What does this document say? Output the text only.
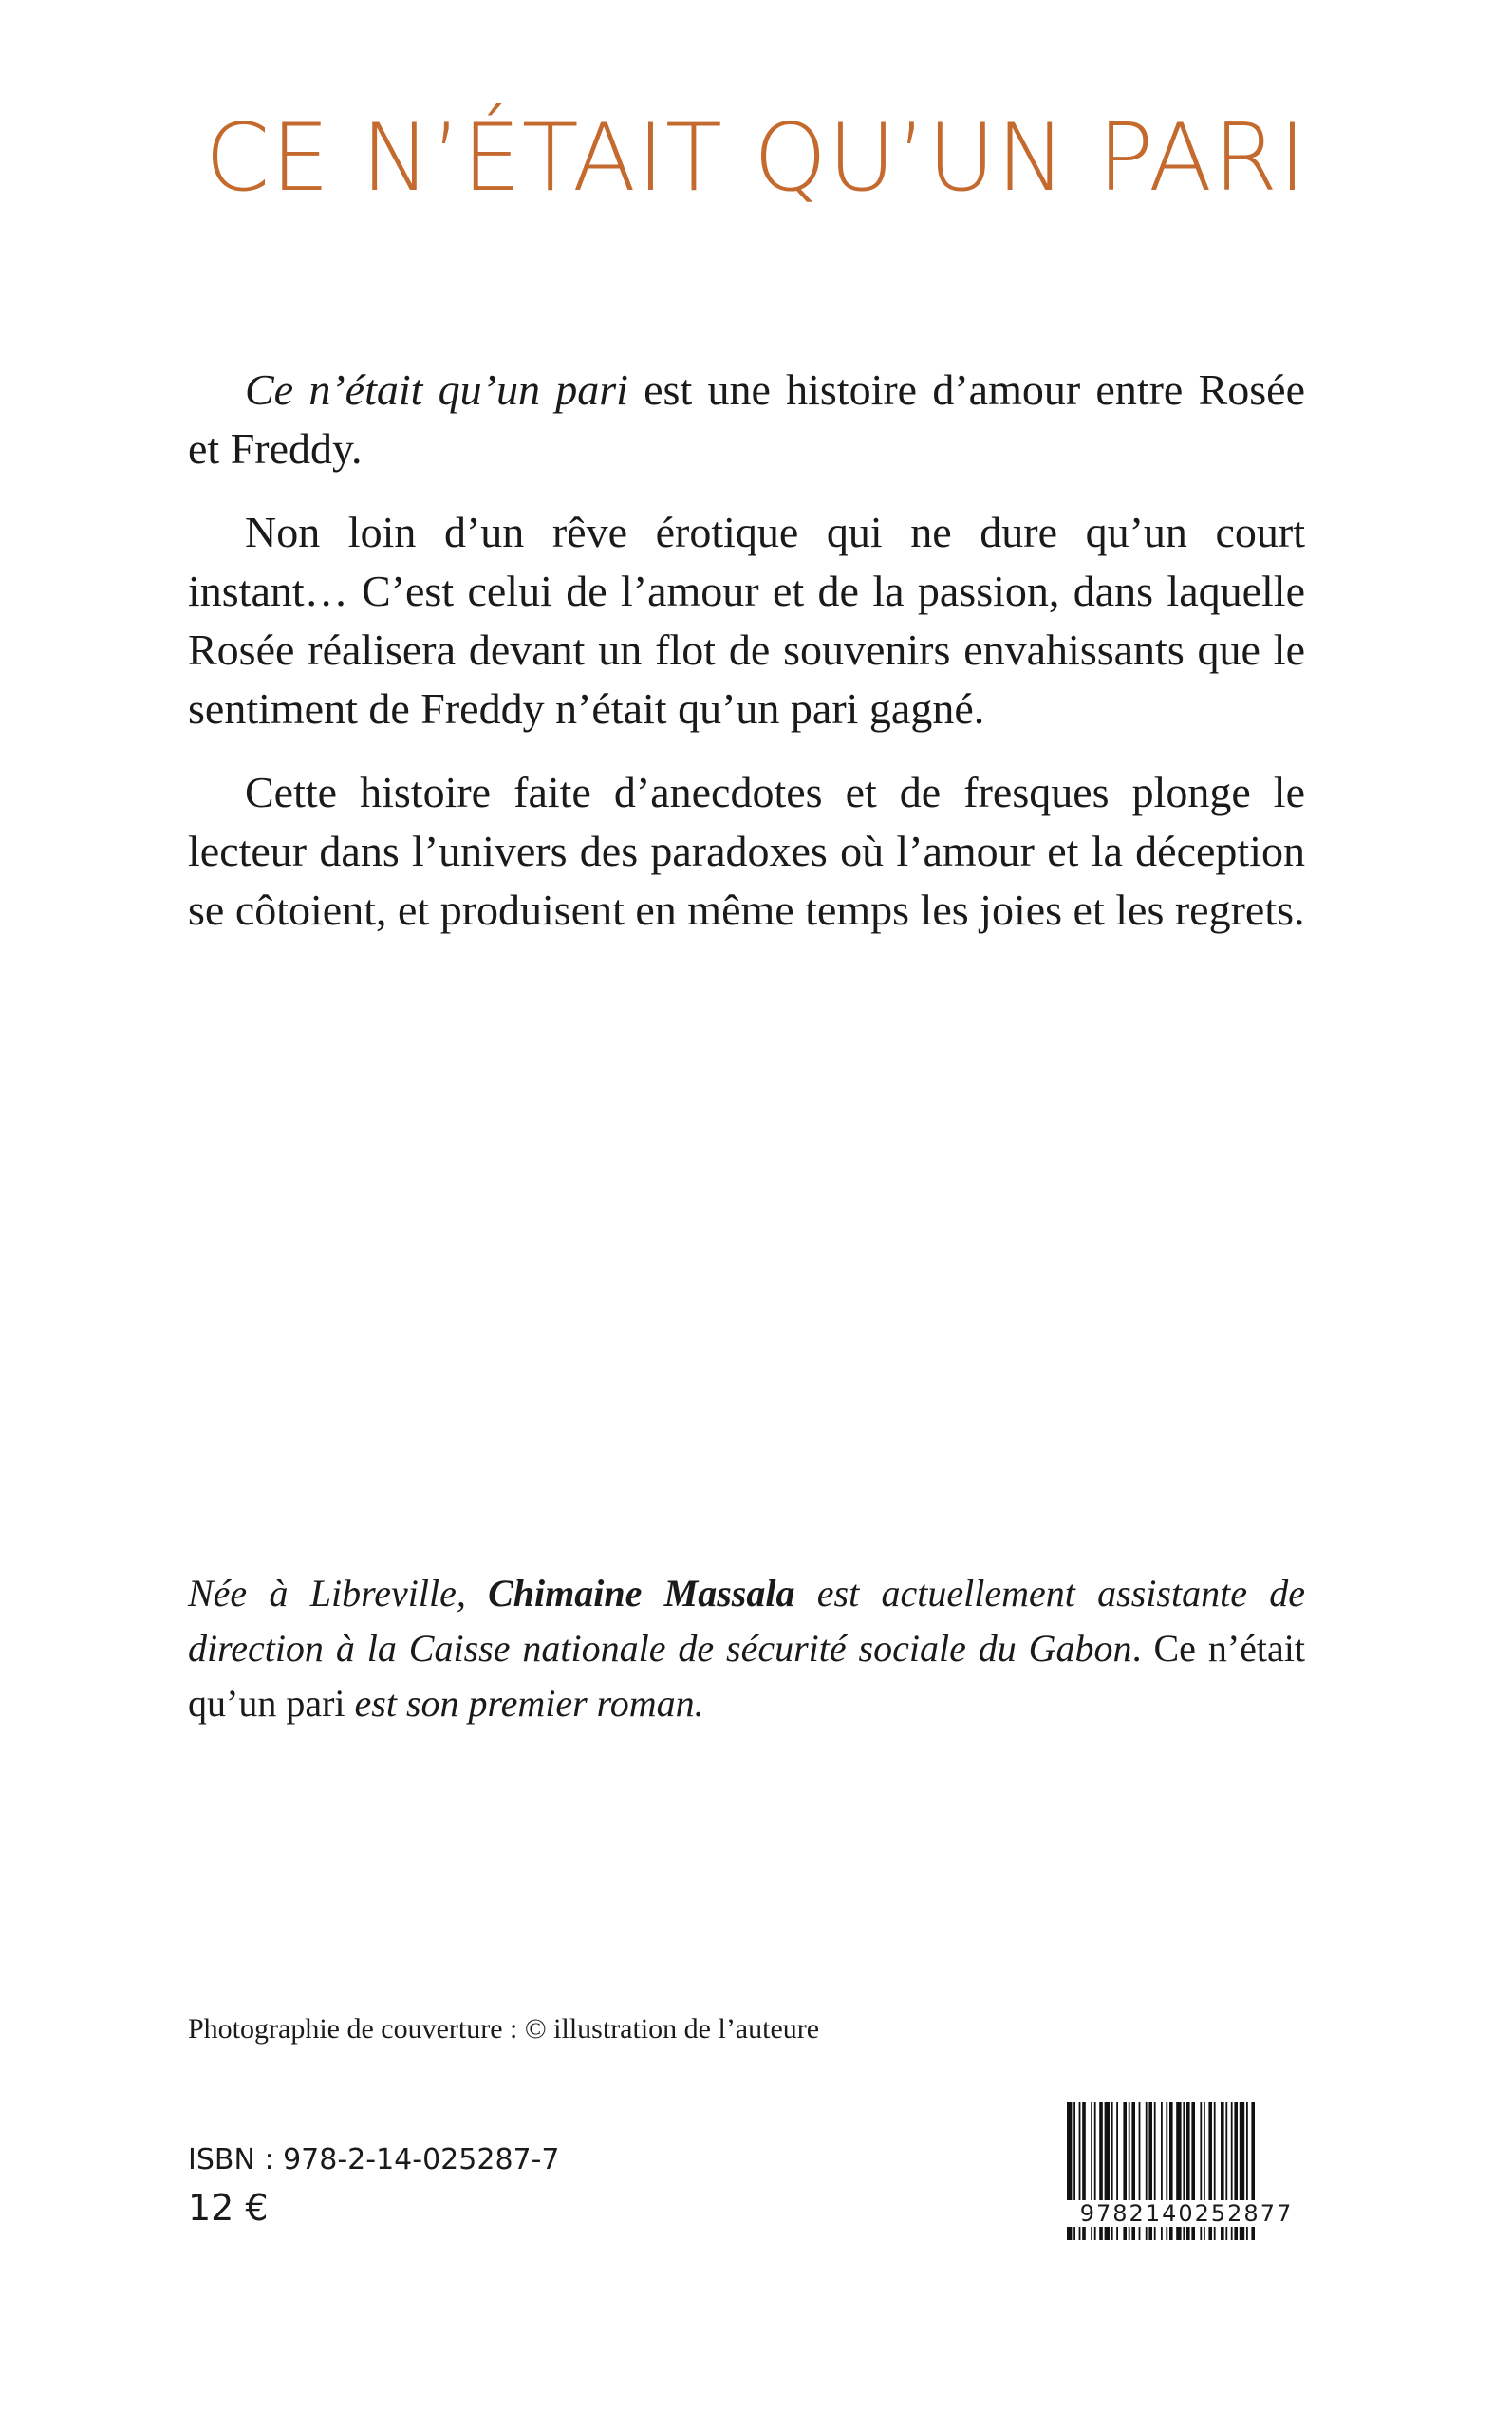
CE N’ÉTAIT QU’UN PARI

Ce n’était qu’un pari est une histoire d’amour entre Rosée et Freddy.

Non loin d’un rêve érotique qui ne dure qu’un court instant… C’est celui de l’amour et de la passion, dans laquelle Rosée réalisera devant un flot de souvenirs envahissants que le sentiment de Freddy n’était qu’un pari gagné.

Cette histoire faite d’anecdotes et de fresques plonge le lecteur dans l’univers des paradoxes où l’amour et la déception se côtoient, et produisent en même temps les joies et les regrets.

Née à Libreville, Chimaine Massala est actuellement assistante de direction à la Caisse nationale de sécurité sociale du Gabon. Ce n’était qu’un pari est son premier roman.

Photographie de couverture : © illustration de l’auteure
ISBN : 978-2-14-025287-7
12 €	9782140252877
